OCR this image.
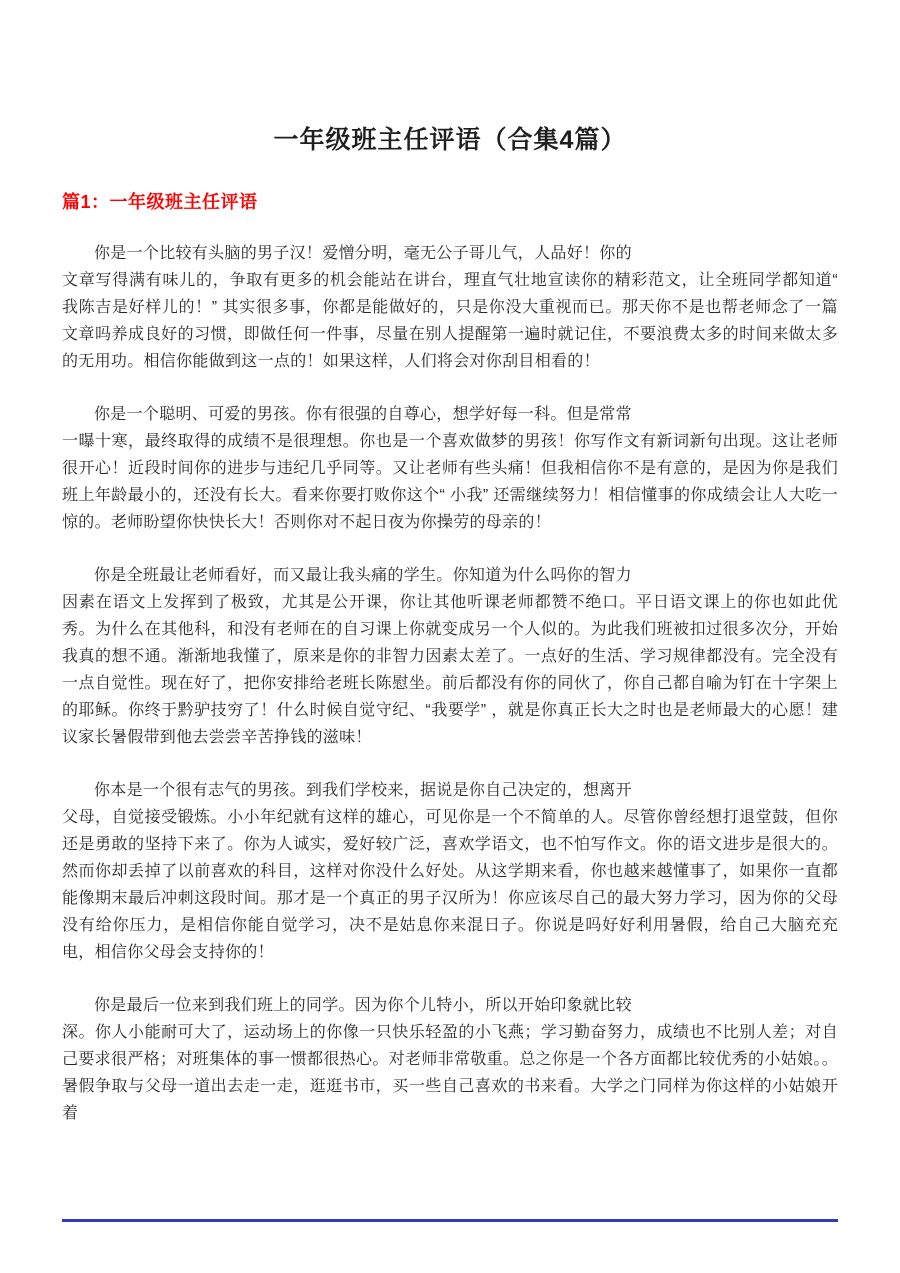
一年级班主任评语（合集4篇）
篇1：一年级班主任评语
你是一个比较有头脑的男子汉！爱憎分明，毫无公子哥儿气，人品好！你的
文章写得满有味儿的，争取有更多的机会能站在讲台，理直气壮地宣读你的精彩范文，让全班同学都知道“ 我陈吉是好样儿的！” 其实很多事，你都是能做好的，只是你没大重视而已。那天你不是也帮老师念了一篇文章吗养成良好的习惯，即做任何一件事，尽量在别人提醒第一遍时就记住，不要浪费太多的时间来做太多的无用功。相信你能做到这一点的！如果这样，人们将会对你刮目相看的！
你是一个聪明、可爱的男孩。你有很强的自尊心，想学好每一科。但是常常
一曝十寒，最终取得的成绩不是很理想。你也是一个喜欢做梦的男孩！你写作文有新词新句出现。这让老师很开心！近段时间你的进步与违纪几乎同等。又让老师有些头痛！但我相信你不是有意的，是因为你是我们班上年龄最小的，还没有长大。看来你要打败你这个“ 小我” 还需继续努力！相信懂事的你成绩会让人大吃一惊的。老师盼望你快快长大！否则你对不起日夜为你操劳的母亲的！
你是全班最让老师看好，而又最让我头痛的学生。你知道为什么吗你的智力
因素在语文上发挥到了极致，尤其是公开课，你让其他听课老师都赞不绝口。平日语文课上的你也如此优秀。为什么在其他科，和没有老师在的自习课上你就变成另一个人似的。为此我们班被扣过很多次分，开始我真的想不通。渐渐地我懂了，原来是你的非智力因素太差了。一点好的生活、学习规律都没有。完全没有一点自觉性。现在好了，把你安排给老班长陈慰坐。前后都没有你的同伙了，你自己都自喻为钉在十字架上的耶稣。你终于黔驴技穷了！什么时候自觉守纪、“我要学” ，就是你真正长大之时也是老师最大的心愿！建议家长暑假带到他去尝尝辛苦挣钱的滋味！
你本是一个很有志气的男孩。到我们学校来，据说是你自己决定的，想离开
父母，自觉接受锻炼。小小年纪就有这样的雄心，可见你是一个不简单的人。尽管你曾经想打退堂鼓，但你还是勇敢的坚持下来了。你为人诚实，爱好较广泛，喜欢学语文，也不怕写作文。你的语文进步是很大的。然而你却丢掉了以前喜欢的科目，这样对你没什么好处。从这学期来看，你也越来越懂事了，如果你一直都能像期末最后冲刺这段时间。那才是一个真正的男子汉所为！你应该尽自己的最大努力学习，因为你的父母没有给你压力，是相信你能自觉学习，决不是姑息你来混日子。你说是吗好好利用暑假，给自己大脑充充电，相信你父母会支持你的！
你是最后一位来到我们班上的同学。因为你个儿特小，所以开始印象就比较
深。你人小能耐可大了，运动场上的你像一只快乐轻盈的小飞燕；学习勤奋努力，成绩也不比别人差；对自己要求很严格；对班集体的事一惯都很热心。对老师非常敬重。总之你是一个各方面都比较优秀的小姑娘。。暑假争取与父母一道出去走一走，逛逛书市，买一些自己喜欢的书来看。大学之门同样为你这样的小姑娘开着
